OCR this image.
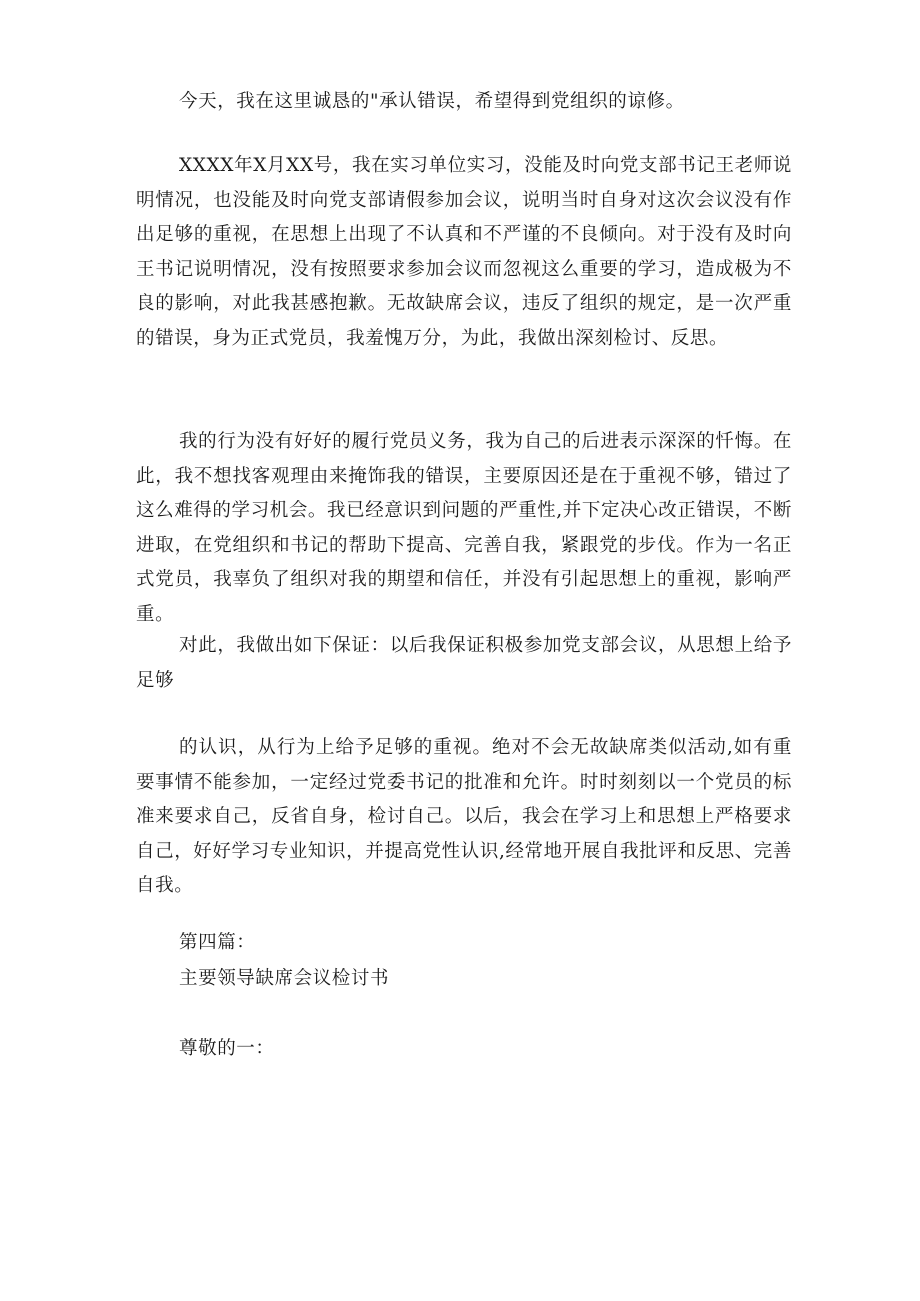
今天，我在这里诚恳的"承认错误，希望得到党组织的谅修。

XXXX年X月XX号，我在实习单位实习，没能及时向党支部书记王老师说明情况，也没能及时向党支部请假参加会议，说明当时自身对这次会议没有作出足够的重视，在思想上出现了不认真和不严谨的不良倾向。对于没有及时向王书记说明情况，没有按照要求参加会议而忽视这么重要的学习，造成极为不良的影响，对此我甚感抱歉。无故缺席会议，违反了组织的规定，是一次严重的错误，身为正式党员，我羞愧万分，为此，我做出深刻检讨、反思。

我的行为没有好好的履行党员义务，我为自己的后进表示深深的忏悔。在此，我不想找客观理由来掩饰我的错误，主要原因还是在于重视不够，错过了这么难得的学习机会。我已经意识到问题的严重性,并下定决心改正错误，不断进取，在党组织和书记的帮助下提高、完善自我，紧跟党的步伐。作为一名正式党员，我辜负了组织对我的期望和信任，并没有引起思想上的重视，影响严重。

对此，我做出如下保证：以后我保证积极参加党支部会议，从思想上给予足够

的认识，从行为上给予足够的重视。绝对不会无故缺席类似活动,如有重要事情不能参加，一定经过党委书记的批准和允许。时时刻刻以一个党员的标准来要求自己，反省自身，检讨自己。以后，我会在学习上和思想上严格要求自己，好好学习专业知识，并提高党性认识,经常地开展自我批评和反思、完善自我。

第四篇：

主要领导缺席会议检讨书

尊敬的一：
